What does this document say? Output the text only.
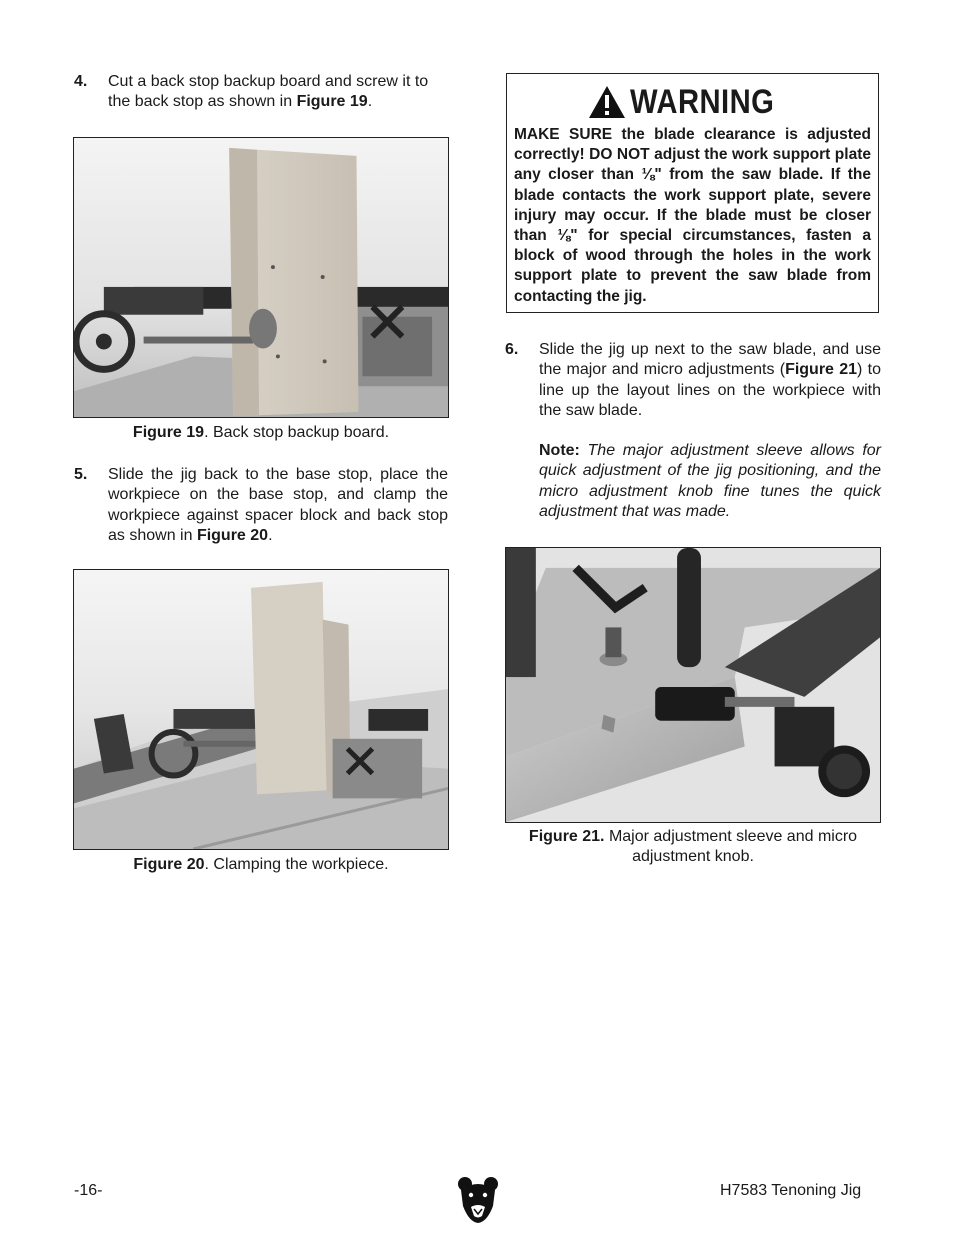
4.	Cut a back stop backup board and screw it to the back stop as shown in Figure 19.
Figure 19. Back stop backup board.
5.	Slide the jig back to the base stop, place the workpiece on the base stop, and clamp the workpiece against spacer block and back stop as shown in Figure 20.
Figure 20. Clamping the workpiece.
WARNING
MAKE SURE the blade clearance is adjusted correctly! DO NOT adjust the work support plate any closer than ⅛" from the saw blade. If the blade contacts the work support plate, severe injury may occur. If the blade must be closer than ⅛" for special circumstances, fasten a block of wood through the holes in the work support plate to prevent the saw blade from contacting the jig.
6.	Slide the jig up next to the saw blade, and use the major and micro adjustments (Figure 21) to line up the layout lines on the workpiece with the saw blade.
Note: The major adjustment sleeve allows for quick adjustment of the jig positioning, and the micro adjustment knob fine tunes the quick adjustment that was made.
Figure 21. Major adjustment sleeve and micro adjustment knob.
-16-	H7583 Tenoning Jig
